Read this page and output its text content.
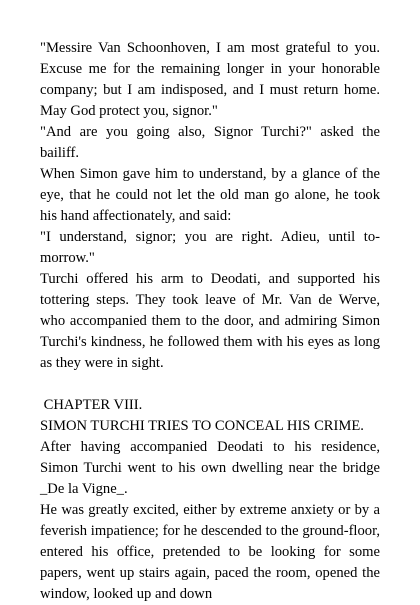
"Messire Van Schoonhoven, I am most grateful to you. Excuse me for the remaining longer in your honorable company; but I am indisposed, and I must return home. May God protect you, signor."

"And are you going also, Signor Turchi?" asked the bailiff.

When Simon gave him to understand, by a glance of the eye, that he could not let the old man go alone, he took his hand affectionately, and said:

"I understand, signor; you are right. Adieu, until to-morrow."

Turchi offered his arm to Deodati, and supported his tottering steps. They took leave of Mr. Van de Werve, who accompanied them to the door, and admiring Simon Turchi's kindness, he followed them with his eyes as long as they were in sight.

CHAPTER VIII.

SIMON TURCHI TRIES TO CONCEAL HIS CRIME.

After having accompanied Deodati to his residence, Simon Turchi went to his own dwelling near the bridge _De la Vigne_.

He was greatly excited, either by extreme anxiety or by a feverish impatience; for he descended to the ground-floor, entered his office, pretended to be looking for some papers, went up stairs again, paced the room, opened the window, looked up and down
